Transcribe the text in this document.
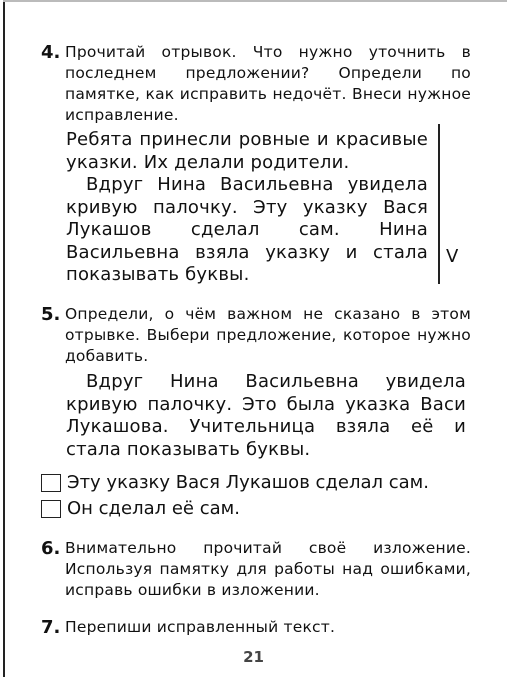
4. Прочитай отрывок. Что нужно уточнить в последнем предложении? Определи по памятке, как исправить недочёт. Внеси нужное исправление.
Ребята принесли ровные и красивые указки. Их делали родители.
Вдруг Нина Васильевна увидела кривую палочку. Эту указку Вася Лукашов сделал сам. Нина Васильевна взяла указку и стала показывать буквы.
V
5. Определи, о чём важном не сказано в этом отрывке. Выбери предложение, которое нужно добавить.
Вдруг Нина Васильевна увидела кривую палочку. Это была указка Васи Лукашова. Учительница взяла её и стала показывать буквы.
Эту указку Вася Лукашов сделал сам.
Он сделал её сам.
6. Внимательно прочитай своё изложение. Используя памятку для работы над ошибками, исправь ошибки в изложении.
7. Перепиши исправленный текст.
21
